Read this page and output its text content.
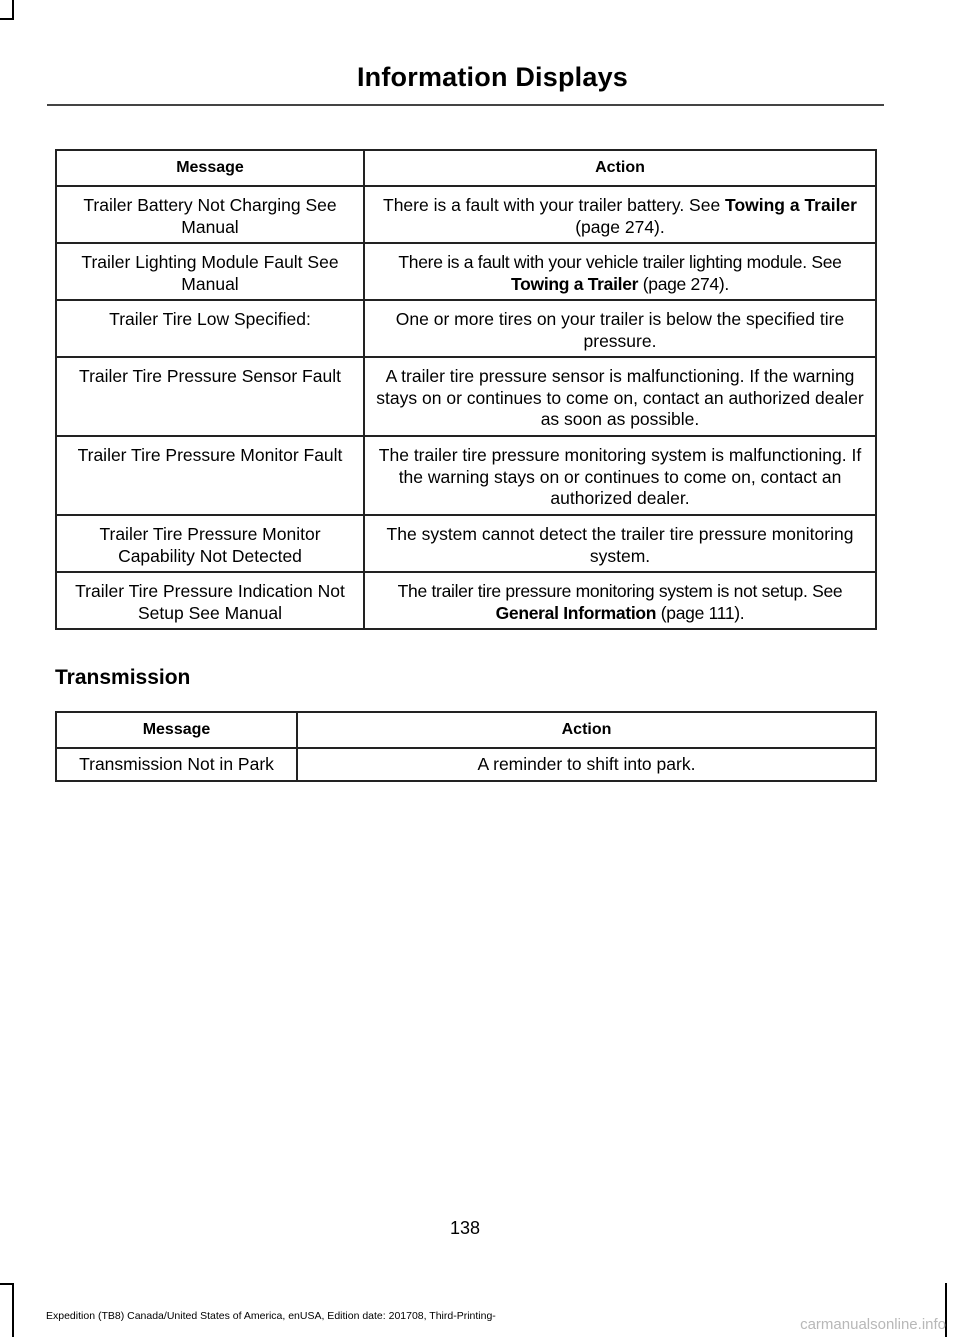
Information Displays
Message	Action
Trailer Battery Not Charging See Manual	There is a fault with your trailer battery. See Towing a Trailer (page 274).
Trailer Lighting Module Fault See Manual	There is a fault with your vehicle trailer lighting module. See Towing a Trailer (page 274).
Trailer Tire Low Specified:	One or more tires on your trailer is below the specified tire pressure.
Trailer Tire Pressure Sensor Fault	A trailer tire pressure sensor is malfunctioning. If the warning stays on or continues to come on, contact an authorized dealer as soon as possible.
Trailer Tire Pressure Monitor Fault	The trailer tire pressure monitoring system is malfunctioning. If the warning stays on or continues to come on, contact an authorized dealer.
Trailer Tire Pressure Monitor Capability Not Detected	The system cannot detect the trailer tire pressure monitoring system.
Trailer Tire Pressure Indication Not Setup See Manual	The trailer tire pressure monitoring system is not setup. See General Information (page 111).
Transmission
Message	Action
Transmission Not in Park	A reminder to shift into park.
138
Expedition (TB8) Canada/United States of America, enUSA, Edition date: 201708, Third-Printing-	carmanualsonline.info
